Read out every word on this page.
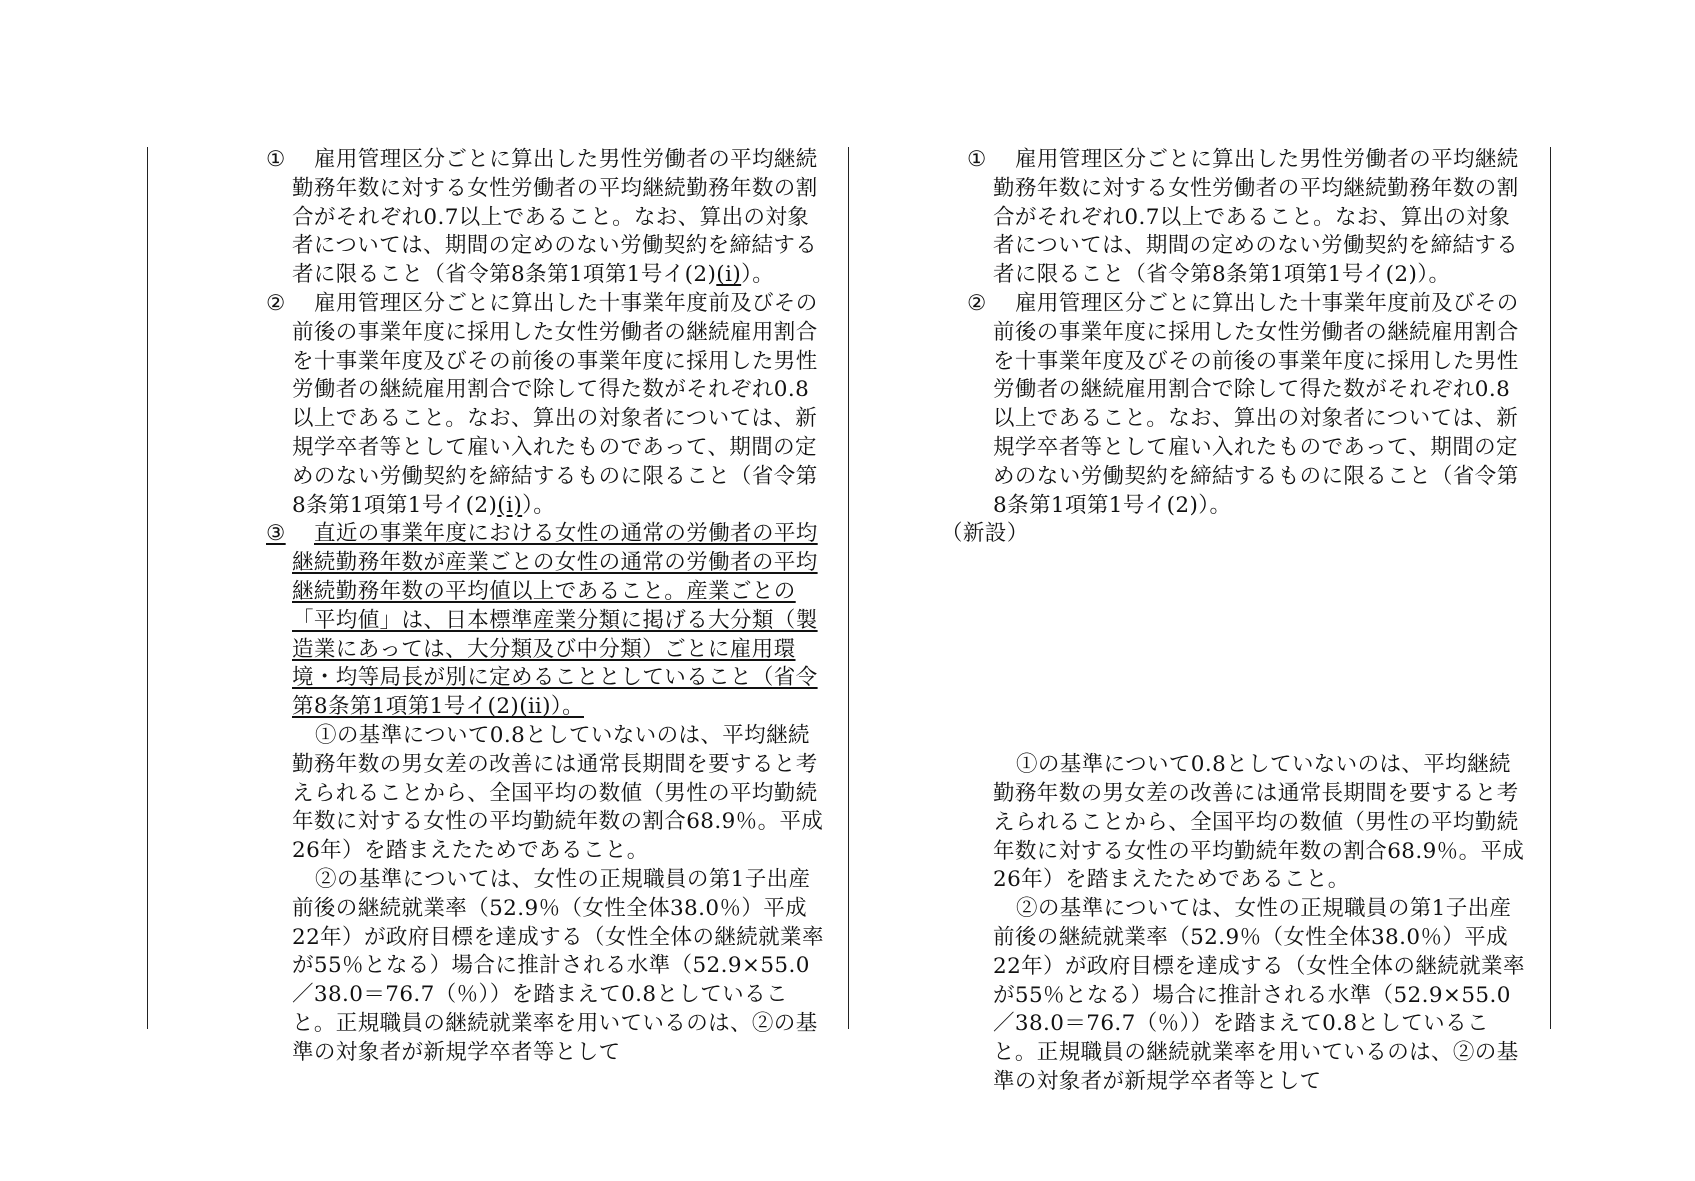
①	雇用管理区分ごとに算出した男性労働者の平均継続勤務年数に対する女性労働者の平均継続勤務年数の割合がそれぞれ0.7以上であること。なお、算出の対象者については、期間の定めのない労働契約を締結する者に限ること（省令第8条第1項第1号イ(2)(ⅰ)）。
②	雇用管理区分ごとに算出した十事業年度前及びその前後の事業年度に採用した女性労働者の継続雇用割合を十事業年度及びその前後の事業年度に採用した男性労働者の継続雇用割合で除して得た数がそれぞれ0.8以上であること。なお、算出の対象者については、新規学卒者等として雇い入れたものであって、期間の定めのない労働契約を締結するものに限ること（省令第8条第1項第1号イ(2)(ⅰ)）。
③	直近の事業年度における女性の通常の労働者の平均継続勤務年数が産業ごとの女性の通常の労働者の平均継続勤務年数の平均値以上であること。産業ごとの「平均値」は、日本標準産業分類に掲げる大分類（製造業にあっては、大分類及び中分類）ごとに雇用環境・均等局長が別に定めることとしていること（省令第8条第1項第1号イ(2)(ⅱ)）。

①の基準について0.8としていないのは、平均継続勤務年数の男女差の改善には通常長期間を要すると考えられることから、全国平均の数値（男性の平均勤続年数に対する女性の平均勤続年数の割合68.9％。平成26年）を踏まえたためであること。

②の基準については、女性の正規職員の第1子出産前後の継続就業率（52.9％（女性全体38.0％）平成22年）が政府目標を達成する（女性全体の継続就業率が55％となる）場合に推計される水準（52.9×55.0／38.0＝76.7（％））を踏まえて0.8としていること。正規職員の継続就業率を用いているのは、②の基準の対象者が新規学卒者等として

①	雇用管理区分ごとに算出した男性労働者の平均継続勤務年数に対する女性労働者の平均継続勤務年数の割合がそれぞれ0.7以上であること。なお、算出の対象者については、期間の定めのない労働契約を締結する者に限ること（省令第8条第1項第1号イ(2)）。
②	雇用管理区分ごとに算出した十事業年度前及びその前後の事業年度に採用した女性労働者の継続雇用割合を十事業年度及びその前後の事業年度に採用した男性労働者の継続雇用割合で除して得た数がそれぞれ0.8以上であること。なお、算出の対象者については、新規学卒者等として雇い入れたものであって、期間の定めのない労働契約を締結するものに限ること（省令第8条第1項第1号イ(2)）。
（新設）

①の基準について0.8としていないのは、平均継続勤務年数の男女差の改善には通常長期間を要すると考えられることから、全国平均の数値（男性の平均勤続年数に対する女性の平均勤続年数の割合68.9％。平成26年）を踏まえたためであること。

②の基準については、女性の正規職員の第1子出産前後の継続就業率（52.9％（女性全体38.0％）平成22年）が政府目標を達成する（女性全体の継続就業率が55％となる）場合に推計される水準（52.9×55.0／38.0＝76.7（％））を踏まえて0.8としていること。正規職員の継続就業率を用いているのは、②の基準の対象者が新規学卒者等として
